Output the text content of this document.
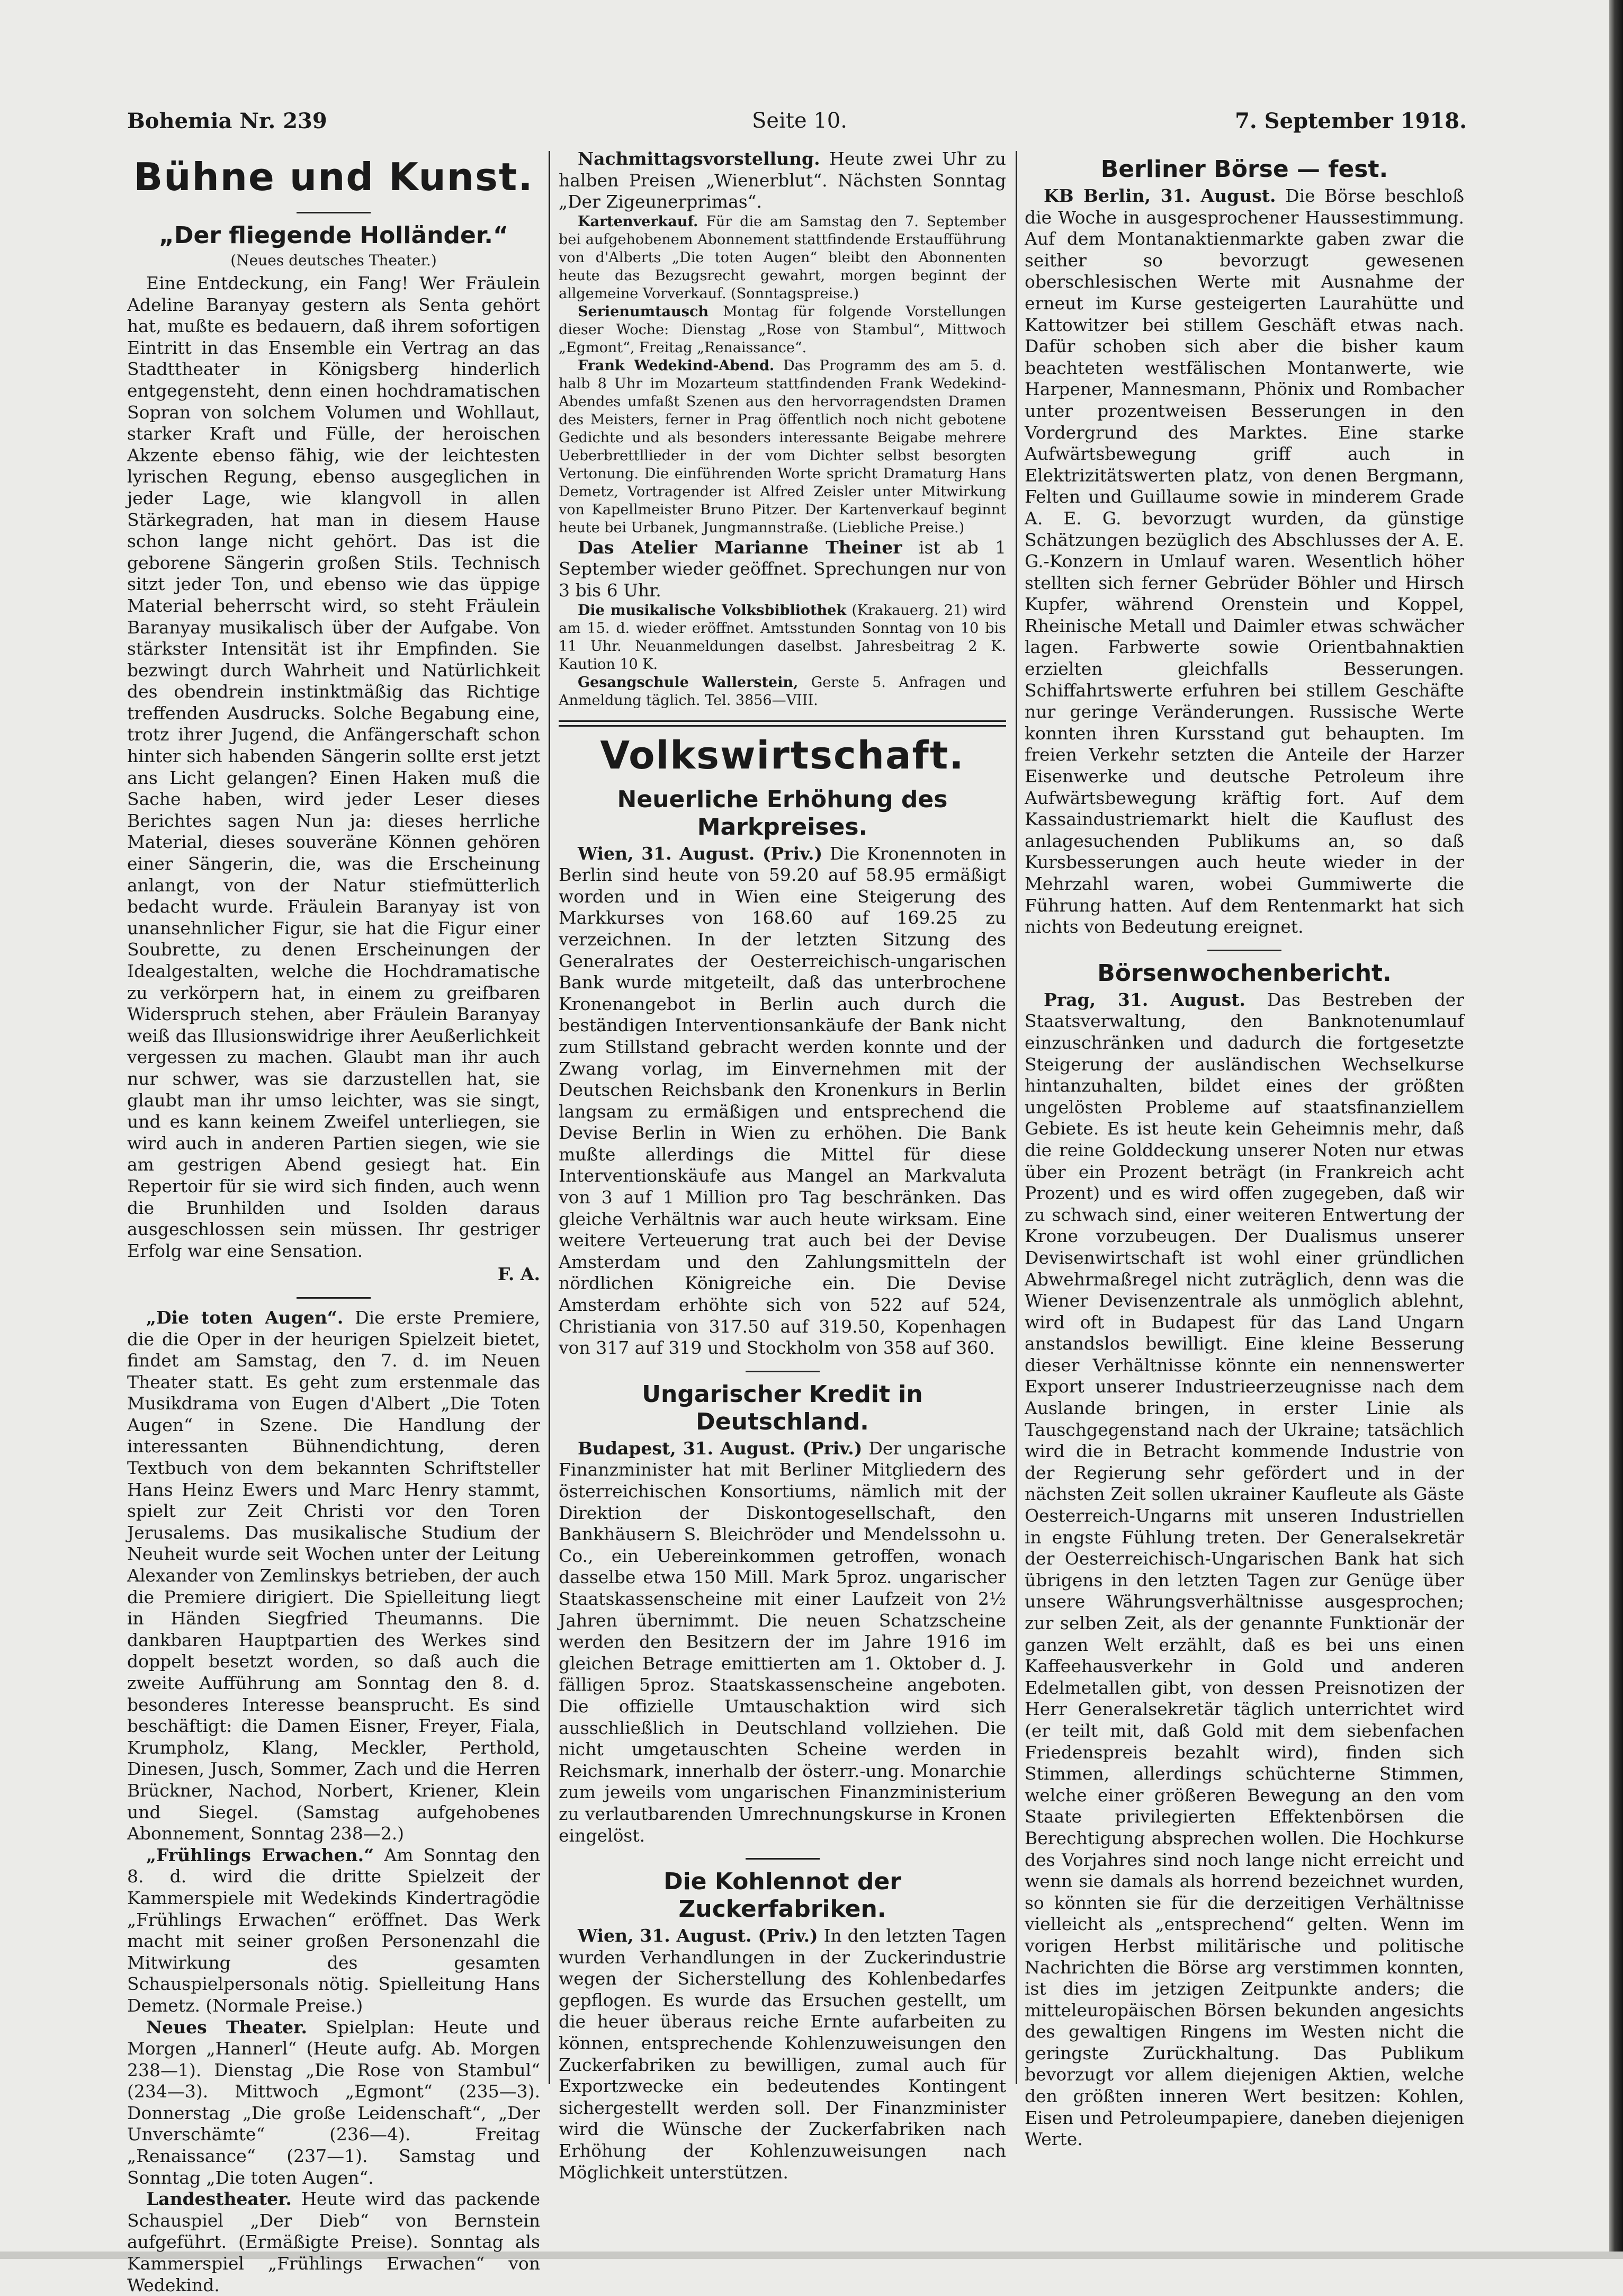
Bohemia Nr. 239	Seite 10.	7. September 1918.
Bühne und Kunst.
„Der fliegende Holländer.“
(Neues deutsches Theater.)

Eine Entdeckung, ein Fang! Wer Fräulein Adeline Baranyay gestern als Senta gehört hat, mußte es bedauern, daß ihrem sofortigen Eintritt in das Ensemble ein Vertrag an das Stadttheater in Königsberg hinderlich entgegensteht, denn einen hochdramatischen Sopran von solchem Volumen und Wohllaut, starker Kraft und Fülle, der heroischen Akzente ebenso fähig, wie der leichtesten lyrischen Regung, ebenso ausgeglichen in jeder Lage, wie klangvoll in allen Stärkegraden, hat man in diesem Hause schon lange nicht gehört. Das ist die geborene Sängerin großen Stils. Technisch sitzt jeder Ton, und ebenso wie das üppige Material beherrscht wird, so steht Fräulein Baranyay musikalisch über der Aufgabe. Von stärkster Intensität ist ihr Empfinden. Sie bezwingt durch Wahrheit und Natürlichkeit des obendrein instinktmäßig das Richtige treffenden Ausdrucks. Solche Begabung eine, trotz ihrer Jugend, die Anfängerschaft schon hinter sich habenden Sängerin sollte erst jetzt ans Licht gelangen? Einen Haken muß die Sache haben, wird jeder Leser dieses Berichtes sagen Nun ja: dieses herrliche Material, dieses souveräne Können gehören einer Sängerin, die, was die Erscheinung anlangt, von der Natur stiefmütterlich bedacht wurde. Fräulein Baranyay ist von unansehnlicher Figur, sie hat die Figur einer Soubrette, zu denen Erscheinungen der Idealgestalten, welche die Hochdramatische zu verkörpern hat, in einem zu greifbaren Widerspruch stehen, aber Fräulein Baranyay weiß das Illusionswidrige ihrer Aeußerlichkeit vergessen zu machen. Glaubt man ihr auch nur schwer, was sie darzustellen hat, sie glaubt man ihr umso leichter, was sie singt, und es kann keinem Zweifel unterliegen, sie wird auch in anderen Partien siegen, wie sie am gestrigen Abend gesiegt hat. Ein Repertoir für sie wird sich finden, auch wenn die Brunhilden und Isolden daraus ausgeschlossen sein müssen. Ihr gestriger Erfolg war eine Sensation.

F. A.

„Die toten Augen“. Die erste Premiere, die die Oper in der heurigen Spielzeit bietet, findet am Samstag, den 7. d. im Neuen Theater statt. Es geht zum erstenmale das Musikdrama von Eugen d'Albert „Die Toten Augen“ in Szene. Die Handlung der interessanten Bühnendichtung, deren Textbuch von dem bekannten Schriftsteller Hans Heinz Ewers und Marc Henry stammt, spielt zur Zeit Christi vor den Toren Jerusalems. Das musikalische Studium der Neuheit wurde seit Wochen unter der Leitung Alexander von Zemlinskys betrieben, der auch die Premiere dirigiert. Die Spielleitung liegt in Händen Siegfried Theumanns. Die dankbaren Hauptpartien des Werkes sind doppelt besetzt worden, so daß auch die zweite Aufführung am Sonntag den 8. d. besonderes Interesse beansprucht. Es sind beschäftigt: die Damen Eisner, Freyer, Fiala, Krumpholz, Klang, Meckler, Perthold, Dinesen, Jusch, Sommer, Zach und die Herren Brückner, Nachod, Norbert, Kriener, Klein und Siegel. (Samstag aufgehobenes Abonnement, Sonntag 238—2.)

„Frühlings Erwachen.“ Am Sonntag den 8. d. wird die dritte Spielzeit der Kammerspiele mit Wedekinds Kindertragödie „Frühlings Erwachen“ eröffnet. Das Werk macht mit seiner großen Personenzahl die Mitwirkung des gesamten Schauspielpersonals nötig. Spielleitung Hans Demetz. (Normale Preise.)

Neues Theater. Spielplan: Heute und Morgen „Hannerl“ (Heute aufg. Ab. Morgen 238—1). Dienstag „Die Rose von Stambul“ (234—3). Mittwoch „Egmont“ (235—3). Donnerstag „Die große Leidenschaft“, „Der Unverschämte“ (236—4). Freitag „Renaissance“ (237—1). Samstag und Sonntag „Die toten Augen“.

Landestheater. Heute wird das packende Schauspiel „Der Dieb“ von Bernstein aufgeführt. (Ermäßigte Preise). Sonntag als Kammerspiel „Frühlings Erwachen“ von Wedekind.

Nachmittagsvorstellung. Heute zwei Uhr zu halben Preisen „Wienerblut“. Nächsten Sonntag „Der Zigeunerprimas“.

Kartenverkauf. Für die am Samstag den 7. September bei aufgehobenem Abonnement stattfindende Erstaufführung von d'Alberts „Die toten Augen“ bleibt den Abonnenten heute das Bezugsrecht gewahrt, morgen beginnt der allgemeine Vorverkauf. (Sonntagspreise.)

Serienumtausch Montag für folgende Vorstellungen dieser Woche: Dienstag „Rose von Stambul“, Mittwoch „Egmont“, Freitag „Renaissance“.

Frank Wedekind-Abend. Das Programm des am 5. d. halb 8 Uhr im Mozarteum stattfindenden Frank Wedekind-Abendes umfaßt Szenen aus den hervorragendsten Dramen des Meisters, ferner in Prag öffentlich noch nicht gebotene Gedichte und als besonders interessante Beigabe mehrere Ueberbrettllieder in der vom Dichter selbst besorgten Vertonung. Die einführenden Worte spricht Dramaturg Hans Demetz, Vortragender ist Alfred Zeisler unter Mitwirkung von Kapellmeister Bruno Pitzer. Der Kartenverkauf beginnt heute bei Urbanek, Jungmannstraße. (Liebliche Preise.)

Das Atelier Marianne Theiner ist ab 1 September wieder geöffnet. Sprechungen nur von 3 bis 6 Uhr.

Die musikalische Volksbibliothek (Krakauerg. 21) wird am 15. d. wieder eröffnet. Amtsstunden Sonntag von 10 bis 11 Uhr. Neuanmeldungen daselbst. Jahresbeitrag 2 K. Kaution 10 K.

Gesangschule Wallerstein, Gerste 5. Anfragen und Anmeldung täglich. Tel. 3856—VIII.

Volkswirtschaft.
Neuerliche Erhöhung des Markpreises.

Wien, 31. August. (Priv.) Die Kronennoten in Berlin sind heute von 59.20 auf 58.95 ermäßigt worden und in Wien eine Steigerung des Markkurses von 168.60 auf 169.25 zu verzeichnen. In der letzten Sitzung des Generalrates der Oesterreichisch-ungarischen Bank wurde mitgeteilt, daß das unterbrochene Kronenangebot in Berlin auch durch die beständigen Interventionsankäufe der Bank nicht zum Stillstand gebracht werden konnte und der Zwang vorlag, im Einvernehmen mit der Deutschen Reichsbank den Kronenkurs in Berlin langsam zu ermäßigen und entsprechend die Devise Berlin in Wien zu erhöhen. Die Bank mußte allerdings die Mittel für diese Interventionskäufe aus Mangel an Markvaluta von 3 auf 1 Million pro Tag beschränken. Das gleiche Verhältnis war auch heute wirksam. Eine weitere Verteuerung trat auch bei der Devise Amsterdam und den Zahlungsmitteln der nördlichen Königreiche ein. Die Devise Amsterdam erhöhte sich von 522 auf 524, Christiania von 317.50 auf 319.50, Kopenhagen von 317 auf 319 und Stockholm von 358 auf 360.

Ungarischer Kredit in Deutschland.

Budapest, 31. August. (Priv.) Der ungarische Finanzminister hat mit Berliner Mitgliedern des österreichischen Konsortiums, nämlich mit der Direktion der Diskontogesellschaft, den Bankhäusern S. Bleichröder und Mendelssohn u. Co., ein Uebereinkommen getroffen, wonach dasselbe etwa 150 Mill. Mark 5proz. ungarischer Staatskassenscheine mit einer Laufzeit von 2½ Jahren übernimmt. Die neuen Schatzscheine werden den Besitzern der im Jahre 1916 im gleichen Betrage emittierten am 1. Oktober d. J. fälligen 5proz. Staatskassenscheine angeboten. Die offizielle Umtauschaktion wird sich ausschließlich in Deutschland vollziehen. Die nicht umgetauschten Scheine werden in Reichsmark, innerhalb der österr.-ung. Monarchie zum jeweils vom ungarischen Finanzministerium zu verlautbarenden Umrechnungskurse in Kronen eingelöst.

Die Kohlennot der Zuckerfabriken.

Wien, 31. August. (Priv.) In den letzten Tagen wurden Verhandlungen in der Zuckerindustrie wegen der Sicherstellung des Kohlenbedarfes gepflogen. Es wurde das Ersuchen gestellt, um die heuer überaus reiche Ernte aufarbeiten zu können, entsprechende Kohlenzuweisungen den Zuckerfabriken zu bewilligen, zumal auch für Exportzwecke ein bedeutendes Kontingent sichergestellt werden soll. Der Finanzminister wird die Wünsche der Zuckerfabriken nach Erhöhung der Kohlenzuweisungen nach Möglichkeit unterstützen.

Berliner Börse — fest.

KB Berlin, 31. August. Die Börse beschloß die Woche in ausgesprochener Haussestimmung. Auf dem Montanaktienmarkte gaben zwar die seither so bevorzugt gewesenen oberschlesischen Werte mit Ausnahme der erneut im Kurse gesteigerten Laurahütte und Kattowitzer bei stillem Geschäft etwas nach. Dafür schoben sich aber die bisher kaum beachteten westfälischen Montanwerte, wie Harpener, Mannesmann, Phönix und Rombacher unter prozentweisen Besserungen in den Vordergrund des Marktes. Eine starke Aufwärtsbewegung griff auch in Elektrizitätswerten platz, von denen Bergmann, Felten und Guillaume sowie in minderem Grade A. E. G. bevorzugt wurden, da günstige Schätzungen bezüglich des Abschlusses der A. E. G.-Konzern in Umlauf waren. Wesentlich höher stellten sich ferner Gebrüder Böhler und Hirsch Kupfer, während Orenstein und Koppel, Rheinische Metall und Daimler etwas schwächer lagen. Farbwerte sowie Orientbahnaktien erzielten gleichfalls Besserungen. Schiffahrtswerte erfuhren bei stillem Geschäfte nur geringe Veränderungen. Russische Werte konnten ihren Kursstand gut behaupten. Im freien Verkehr setzten die Anteile der Harzer Eisenwerke und deutsche Petroleum ihre Aufwärtsbewegung kräftig fort. Auf dem Kassaindustriemarkt hielt die Kauflust des anlagesuchenden Publikums an, so daß Kursbesserungen auch heute wieder in der Mehrzahl waren, wobei Gummiwerte die Führung hatten. Auf dem Rentenmarkt hat sich nichts von Bedeutung ereignet.

Börsenwochenbericht.

Prag, 31. August. Das Bestreben der Staatsverwaltung, den Banknotenumlauf einzuschränken und dadurch die fortgesetzte Steigerung der ausländischen Wechselkurse hintanzuhalten, bildet eines der größten ungelösten Probleme auf staatsfinanziellem Gebiete. Es ist heute kein Geheimnis mehr, daß die reine Golddeckung unserer Noten nur etwas über ein Prozent beträgt (in Frankreich acht Prozent) und es wird offen zugegeben, daß wir zu schwach sind, einer weiteren Entwertung der Krone vorzubeugen. Der Dualismus unserer Devisenwirtschaft ist wohl einer gründlichen Abwehrmaßregel nicht zuträglich, denn was die Wiener Devisenzentrale als unmöglich ablehnt, wird oft in Budapest für das Land Ungarn anstandslos bewilligt. Eine kleine Besserung dieser Verhältnisse könnte ein nennenswerter Export unserer Industrieerzeugnisse nach dem Auslande bringen, in erster Linie als Tauschgegenstand nach der Ukraine; tatsächlich wird die in Betracht kommende Industrie von der Regierung sehr gefördert und in der nächsten Zeit sollen ukrainer Kaufleute als Gäste Oesterreich-Ungarns mit unseren Industriellen in engste Fühlung treten. Der Generalsekretär der Oesterreichisch-Ungarischen Bank hat sich übrigens in den letzten Tagen zur Genüge über unsere Währungsverhältnisse ausgesprochen; zur selben Zeit, als der genannte Funktionär der ganzen Welt erzählt, daß es bei uns einen Kaffeehausverkehr in Gold und anderen Edelmetallen gibt, von dessen Preisnotizen der Herr Generalsekretär täglich unterrichtet wird (er teilt mit, daß Gold mit dem siebenfachen Friedenspreis bezahlt wird), finden sich Stimmen, allerdings schüchterne Stimmen, welche einer größeren Bewegung an den vom Staate privilegierten Effektenbörsen die Berechtigung absprechen wollen. Die Hochkurse des Vorjahres sind noch lange nicht erreicht und wenn sie damals als horrend bezeichnet wurden, so könnten sie für die derzeitigen Verhältnisse vielleicht als „entsprechend“ gelten. Wenn im vorigen Herbst militärische und politische Nachrichten die Börse arg verstimmen konnten, ist dies im jetzigen Zeitpunkte anders; die mitteleuropäischen Börsen bekunden angesichts des gewaltigen Ringens im Westen nicht die geringste Zurückhaltung. Das Publikum bevorzugt vor allem diejenigen Aktien, welche den größten inneren Wert besitzen: Kohlen, Eisen und Petroleumpapiere, daneben diejenigen Werte.
